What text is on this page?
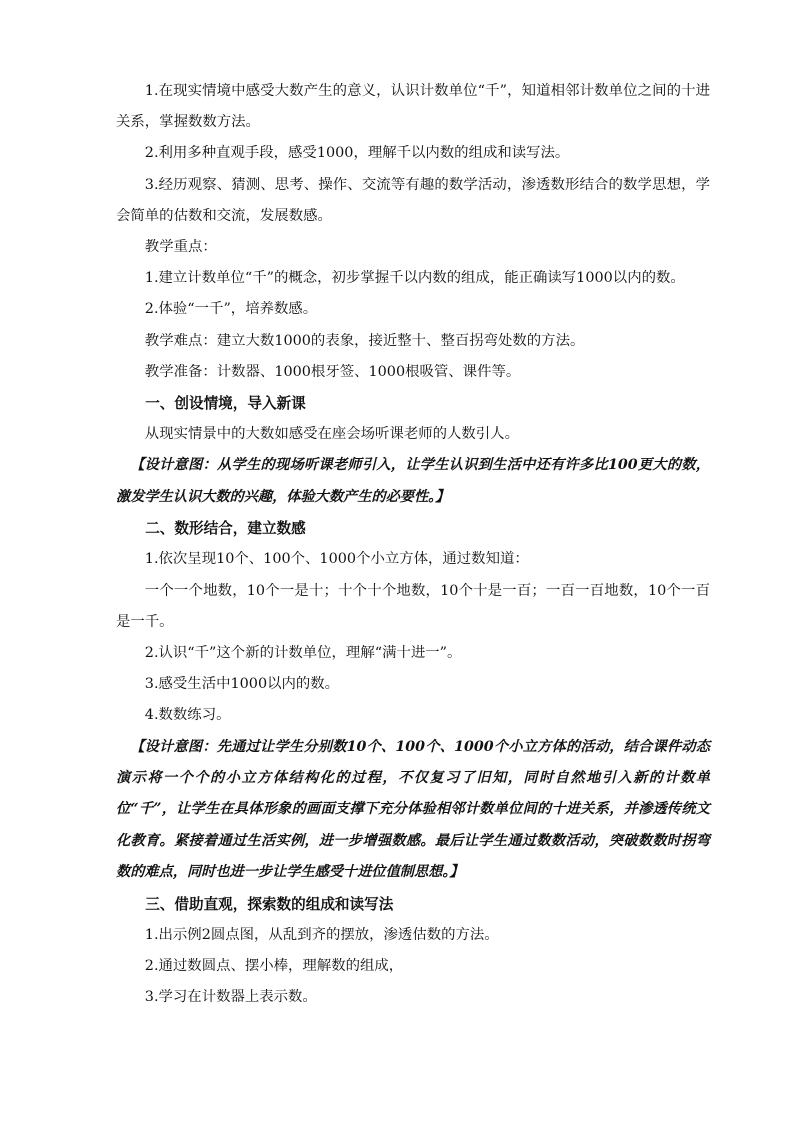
1.在现实情境中感受大数产生的意义，认识计数单位“千”，知道相邻计数单位之间的十进关系，掌握数数方法。

2.利用多种直观手段，感受1000，理解千以内数的组成和读写法。

3.经历观察、猜测、思考、操作、交流等有趣的数学活动，渗透数形结合的数学思想，学会简单的估数和交流，发展数感。

教学重点：

1.建立计数单位“千”的概念，初步掌握千以内数的组成，能正确读写1000以内的数。

2.体验“一千”，培养数感。

教学难点：建立大数1000的表象，接近整十、整百拐弯处数的方法。

教学准备：计数器、1000根牙签、1000根吸管、课件等。

一、创设情境，导入新课

从现实情景中的大数如感受在座会场听课老师的人数引人。

【设计意图：从学生的现场听课老师引入，让学生认识到生活中还有许多比100更大的数，激发学生认识大数的兴趣，体验大数产生的必要性。】

二、数形结合，建立数感

1.依次呈现10个、100个、1000个小立方体，通过数知道：

一个一个地数，10个一是十；十个十个地数，10个十是一百；一百一百地数，10个一百是一千。

2.认识“千”这个新的计数单位，理解“满十进一”。

3.感受生活中1000以内的数。

4.数数练习。

【设计意图：先通过让学生分别数10个、100个、1000个小立方体的活动，结合课件动态演示将一个个的小立方体结构化的过程，不仅复习了旧知，同时自然地引入新的计数单位“千”，让学生在具体形象的画面支撑下充分体验相邻计数单位间的十进关系，并渗透传统文化教育。紧接着通过生活实例，进一步增强数感。最后让学生通过数数活动，突破数数时拐弯数的难点，同时也进一步让学生感受十进位值制思想。】

三、借助直观，探索数的组成和读写法

1.出示例2圆点图，从乱到齐的摆放，渗透估数的方法。

2.通过数圆点、摆小棒，理解数的组成，

3.学习在计数器上表示数。
